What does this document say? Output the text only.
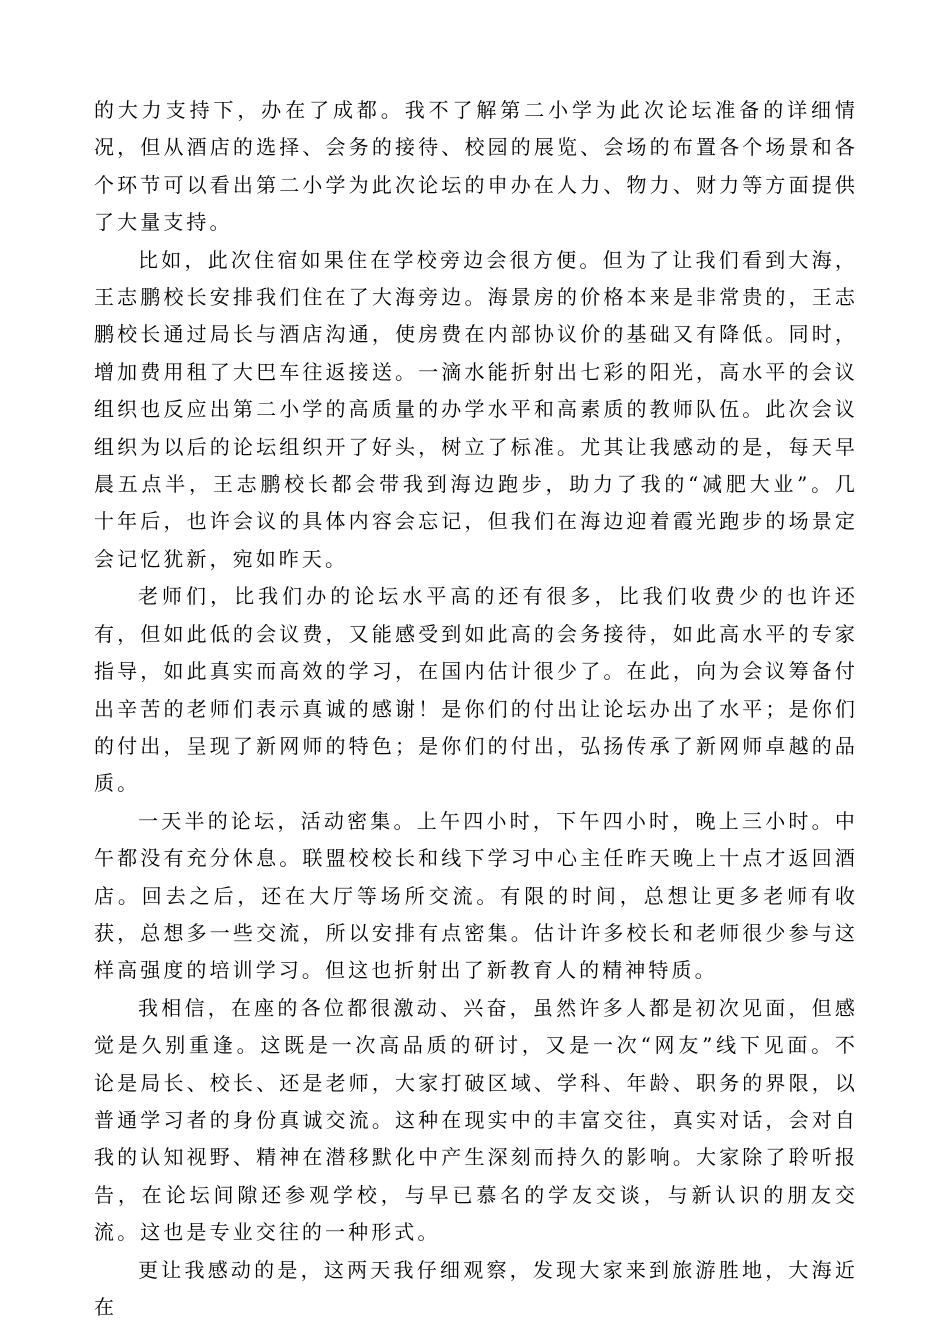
的大力支持下，办在了成都。我不了解第二小学为此次论坛准备的详细情况，但从酒店的选择、会务的接待、校园的展览、会场的布置各个场景和各个环节可以看出第二小学为此次论坛的申办在人力、物力、财力等方面提供了大量支持。

比如，此次住宿如果住在学校旁边会很方便。但为了让我们看到大海，王志鹏校长安排我们住在了大海旁边。海景房的价格本来是非常贵的，王志鹏校长通过局长与酒店沟通，使房费在内部协议价的基础又有降低。同时，增加费用租了大巴车往返接送。一滴水能折射出七彩的阳光，高水平的会议组织也反应出第二小学的高质量的办学水平和高素质的教师队伍。此次会议组织为以后的论坛组织开了好头，树立了标准。尤其让我感动的是，每天早晨五点半，王志鹏校长都会带我到海边跑步，助力了我的“减肥大业”。几十年后，也许会议的具体内容会忘记，但我们在海边迎着霞光跑步的场景定会记忆犹新，宛如昨天。

老师们，比我们办的论坛水平高的还有很多，比我们收费少的也许还有，但如此低的会议费，又能感受到如此高的会务接待，如此高水平的专家指导，如此真实而高效的学习，在国内估计很少了。在此，向为会议筹备付出辛苦的老师们表示真诚的感谢！是你们的付出让论坛办出了水平；是你们的付出，呈现了新网师的特色；是你们的付出，弘扬传承了新网师卓越的品质。

一天半的论坛，活动密集。上午四小时，下午四小时，晚上三小时。中午都没有充分休息。联盟校校长和线下学习中心主任昨天晚上十点才返回酒店。回去之后，还在大厅等场所交流。有限的时间，总想让更多老师有收获，总想多一些交流，所以安排有点密集。估计许多校长和老师很少参与这样高强度的培训学习。但这也折射出了新教育人的精神特质。

我相信，在座的各位都很激动、兴奋，虽然许多人都是初次见面，但感觉是久别重逢。这既是一次高品质的研讨，又是一次“网友”线下见面。不论是局长、校长、还是老师，大家打破区域、学科、年龄、职务的界限，以普通学习者的身份真诚交流。这种在现实中的丰富交往，真实对话，会对自我的认知视野、精神在潜移默化中产生深刻而持久的影响。大家除了聆听报告，在论坛间隙还参观学校，与早已慕名的学友交谈，与新认识的朋友交流。这也是专业交往的一种形式。

更让我感动的是，这两天我仔细观察，发现大家来到旅游胜地，大海近在
